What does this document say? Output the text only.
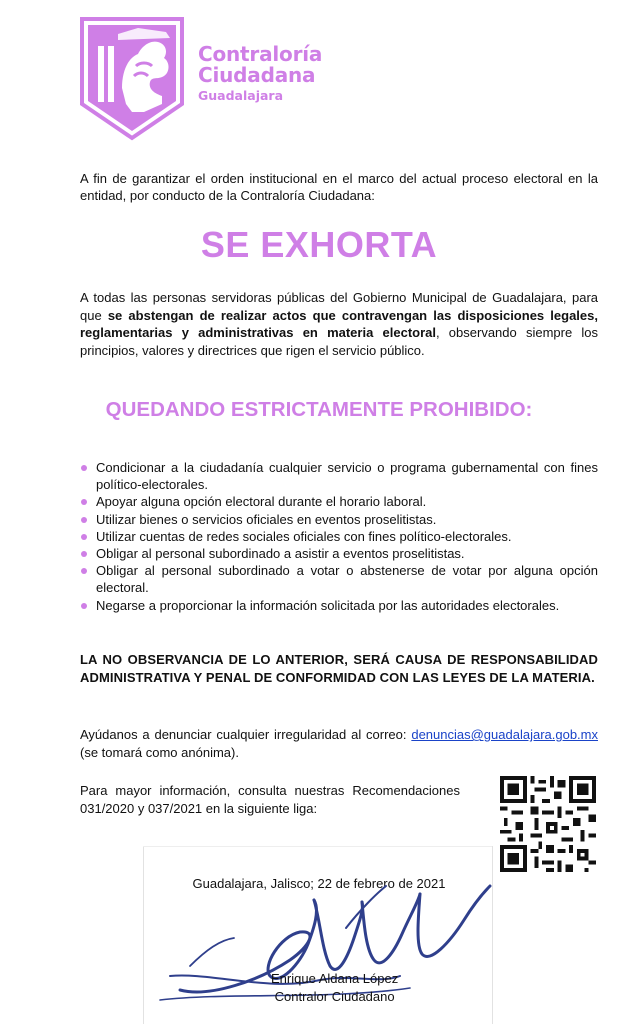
Contraloría
Ciudadana
Guadalajara

A fin de garantizar el orden institucional en el marco del actual proceso electoral en la entidad, por conducto de la Contraloría Ciudadana:

SE EXHORTA

A todas las personas servidoras públicas del Gobierno Municipal de Guadalajara, para que se abstengan de realizar actos que contravengan las disposiciones legales, reglamentarias y administrativas en materia electoral, observando siempre los principios, valores y directrices que rigen el servicio público.

QUEDANDO ESTRICTAMENTE PROHIBIDO:
Condicionar a la ciudadanía cualquier servicio o programa gubernamental con fines político-electorales.
Apoyar alguna opción electoral durante el horario laboral.
Utilizar bienes o servicios oficiales en eventos proselitistas.
Utilizar cuentas de redes sociales oficiales con fines político-electorales.
Obligar al personal subordinado a asistir a eventos proselitistas.
Obligar al personal subordinado a votar o abstenerse de votar por alguna opción electoral.
Negarse a proporcionar la información solicitada por las autoridades electorales.

LA NO OBSERVANCIA DE LO ANTERIOR, SERÁ CAUSA DE RESPONSABILIDAD ADMINISTRATIVA Y PENAL DE CONFORMIDAD CON LAS LEYES DE LA MATERIA.

Ayúdanos a denunciar cualquier irregularidad al correo: denuncias@guadalajara.gob.mx (se tomará como anónima).

Para mayor información, consulta nuestras Recomendaciones 031/2020 y 037/2021 en la siguiente liga:

Guadalajara, Jalisco; 22 de febrero de 2021
Enrique Aldana López
Contralor Ciudadano
